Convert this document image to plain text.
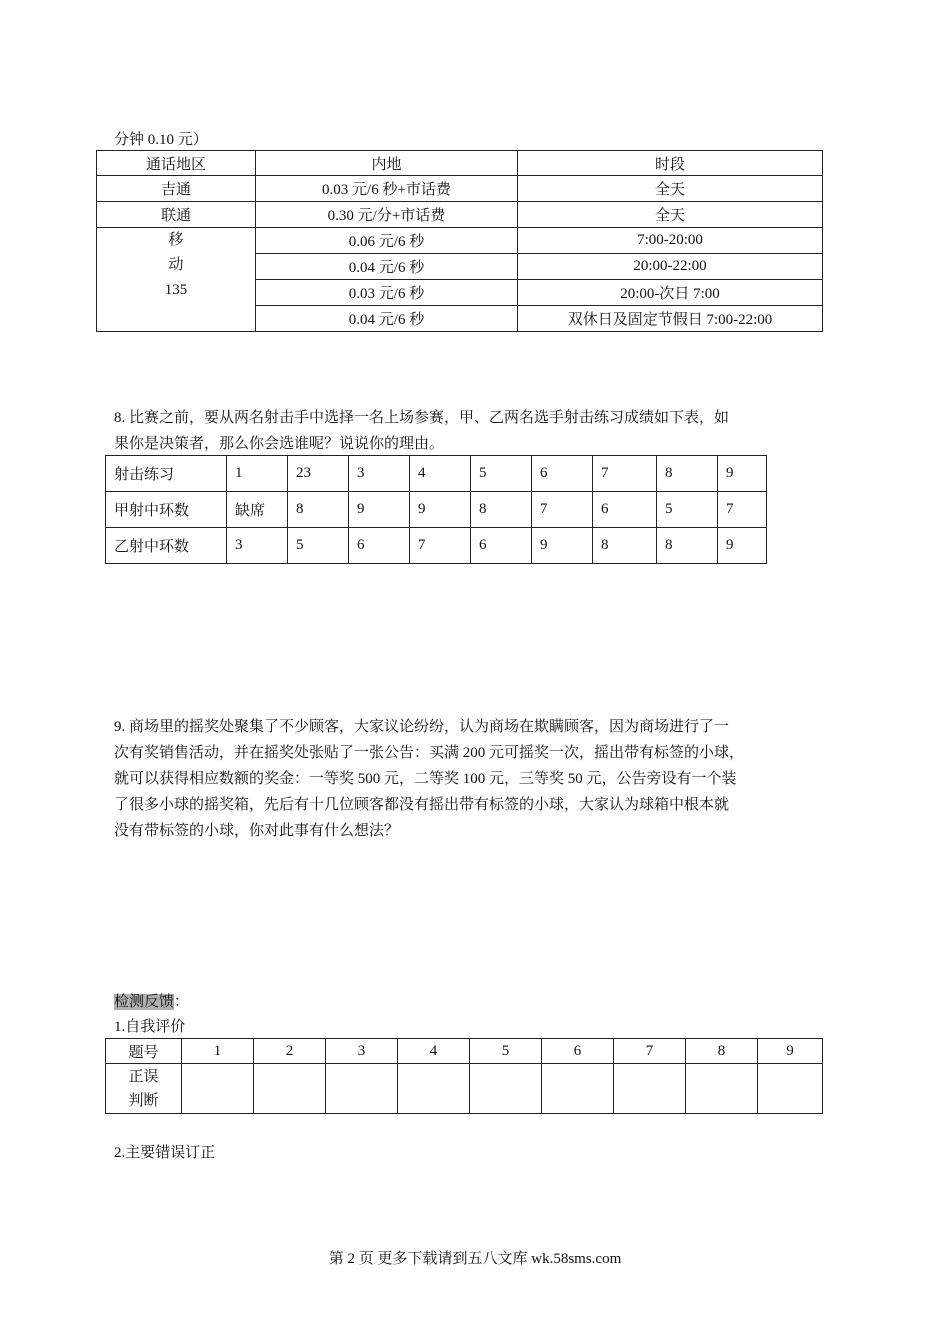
分钟 0.10 元）
通话地区	内地	时段
吉通	0.03 元/6 秒+市话费	全天
联通	0.30 元/分+市话费	全天

移
动
135	0.06 元/6 秒	7:00-20:00
	0.04 元/6 秒	20:00-22:00
	0.03 元/6 秒	20:00-次日 7:00
	0.04 元/6 秒	双休日及固定节假日 7:00-22:00
8. 比赛之前，要从两名射击手中选择一名上场参赛，甲、乙两名选手射击练习成绩如下表，如
果你是决策者，那么你会选谁呢？说说你的理由。
射击练习	1	23	3	4	5	6	7	8	9
甲射中环数	缺席	8	9	9	8	7	6	5	7
乙射中环数	3	5	6	7	6	9	8	8	9
9. 商场里的摇奖处聚集了不少顾客，大家议论纷纷，认为商场在欺瞒顾客，因为商场进行了一
次有奖销售活动，并在摇奖处张贴了一张公告：买满 200 元可摇奖一次，摇出带有标签的小球，
就可以获得相应数额的奖金：一等奖 500 元，二等奖 100 元，三等奖 50 元，公告旁设有一个装
了很多小球的摇奖箱，先后有十几位顾客都没有摇出带有标签的小球，大家认为球箱中根本就
没有带标签的小球，你对此事有什么想法？
检测反馈：
1.自我评价
题号	1	2	3	4	5	6	7	8	9

正误
判断									

2.主要错误订正
第 2 页 更多下载请到五八文库 wk.58sms.com
